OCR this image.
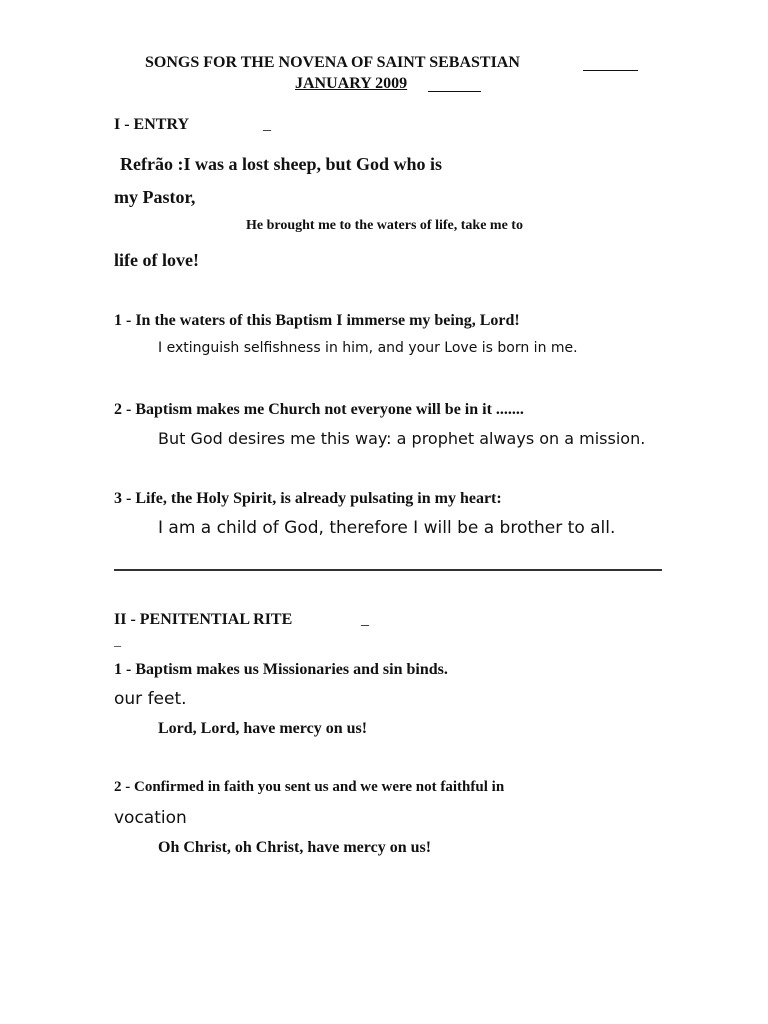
SONGS FOR THE NOVENA OF SAINT SEBASTIAN
JANUARY 2009
I - ENTRY	_
Refrão :I was a lost sheep, but God who is
my Pastor,
He brought me to the waters of life, take me to
life of love!
1 - In the waters of this Baptism I immerse my being, Lord!
I extinguish selfishness in him, and your Love is born in me.
2 - Baptism makes me Church not everyone will be in it .......
But God desires me this way: a prophet always on a mission.
3 - Life, the Holy Spirit, is already pulsating in my heart:
I am a child of God, therefore I will be a brother to all.
II - PENITENTIAL RITE	_
_
1 - Baptism makes us Missionaries and sin binds.
our feet.
Lord, Lord, have mercy on us!
2 - Confirmed in faith you sent us and we were not faithful in
vocation
Oh Christ, oh Christ, have mercy on us!
